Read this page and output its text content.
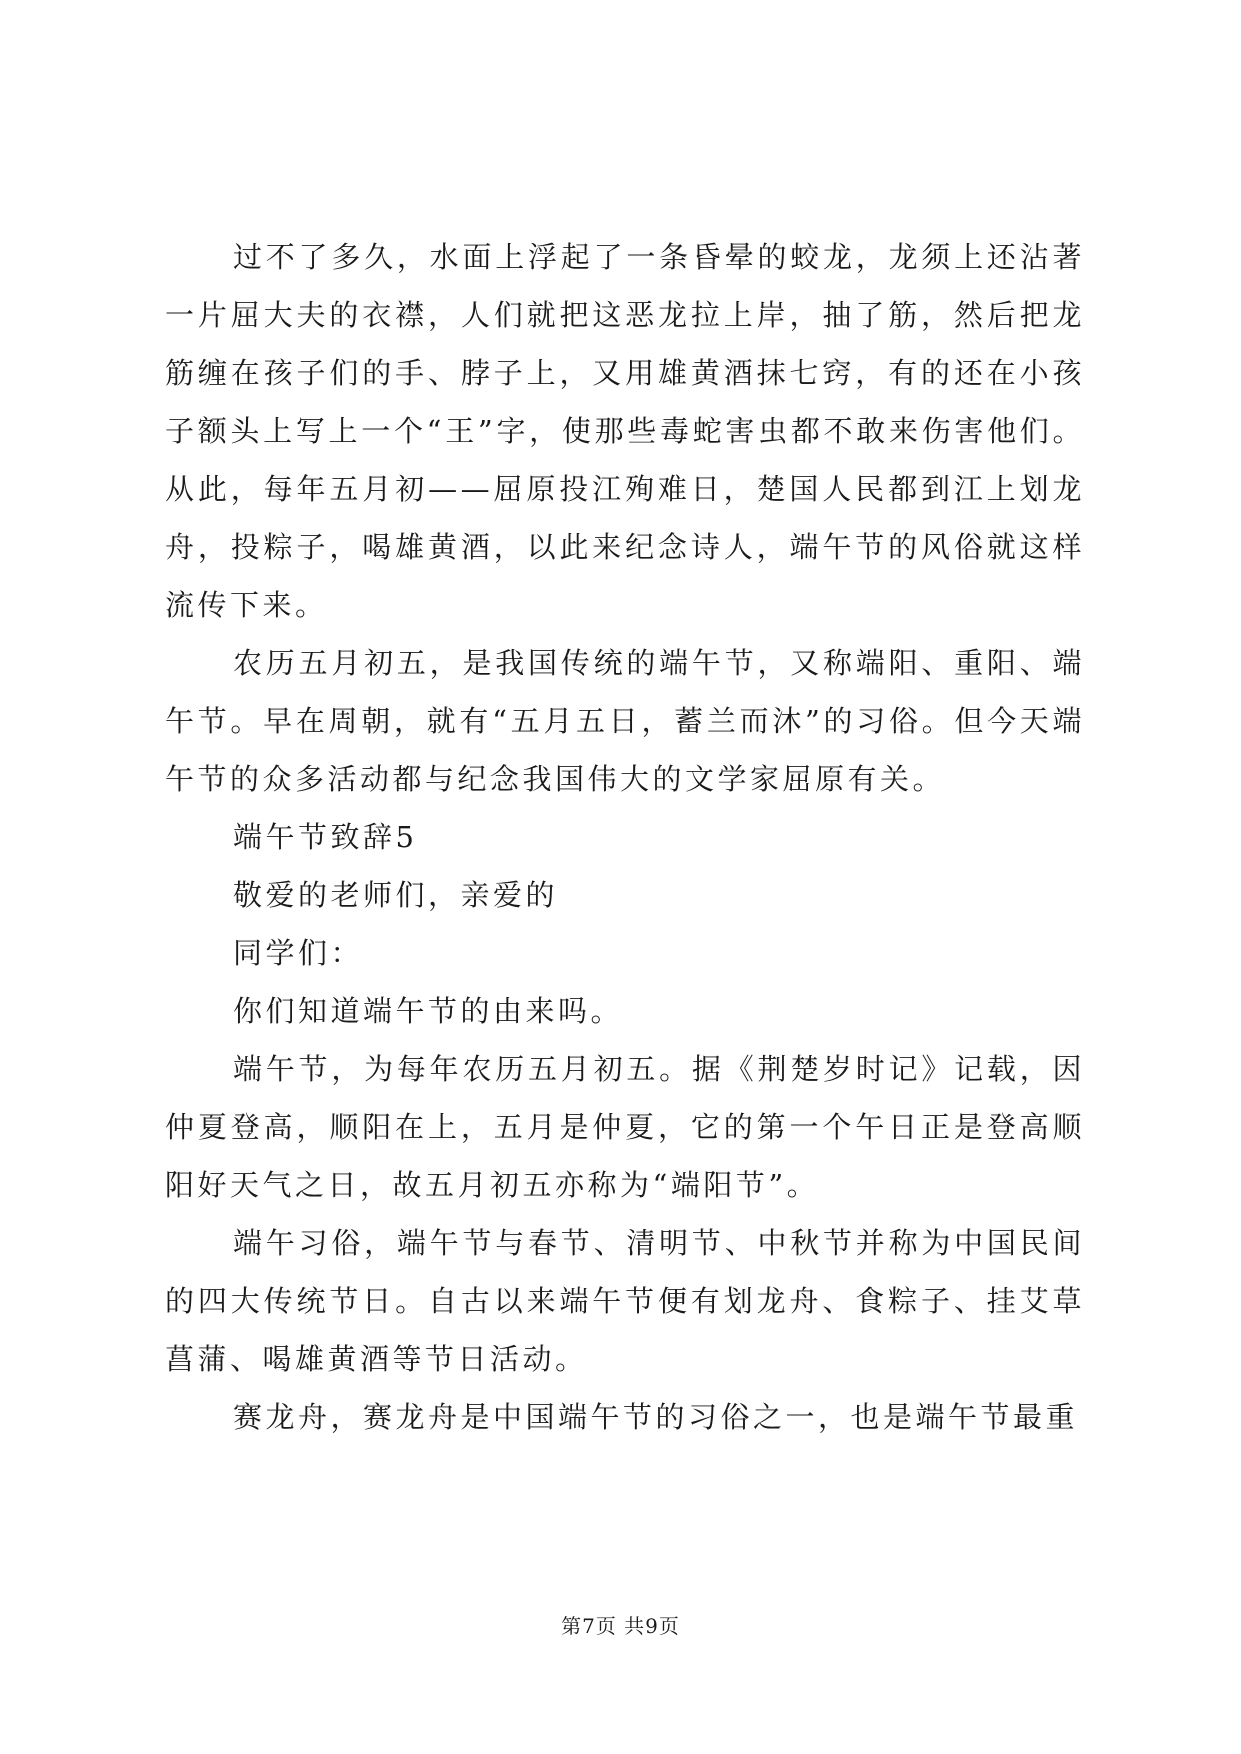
过不了多久，水面上浮起了一条昏晕的蛟龙，龙须上还沾著一片屈大夫的衣襟，人们就把这恶龙拉上岸，抽了筋，然后把龙筋缠在孩子们的手、脖子上，又用雄黄酒抹七窍，有的还在小孩子额头上写上一个“王”字，使那些毒蛇害虫都不敢来伤害他们。从此，每年五月初——屈原投江殉难日，楚国人民都到江上划龙舟，投粽子，喝雄黄酒，以此来纪念诗人，端午节的风俗就这样流传下来。

农历五月初五，是我国传统的端午节，又称端阳、重阳、端午节。早在周朝，就有“五月五日，蓄兰而沐”的习俗。但今天端午节的众多活动都与纪念我国伟大的文学家屈原有关。

端午节致辞5

敬爱的老师们，亲爱的

同学们：

你们知道端午节的由来吗。

端午节，为每年农历五月初五。据《荆楚岁时记》记载，因仲夏登高，顺阳在上，五月是仲夏，它的第一个午日正是登高顺阳好天气之日，故五月初五亦称为“端阳节”。

端午习俗，端午节与春节、清明节、中秋节并称为中国民间的四大传统节日。自古以来端午节便有划龙舟、食粽子、挂艾草菖蒲、喝雄黄酒等节日活动。

赛龙舟，赛龙舟是中国端午节的习俗之一，也是端午节最重

第7页 共9页
